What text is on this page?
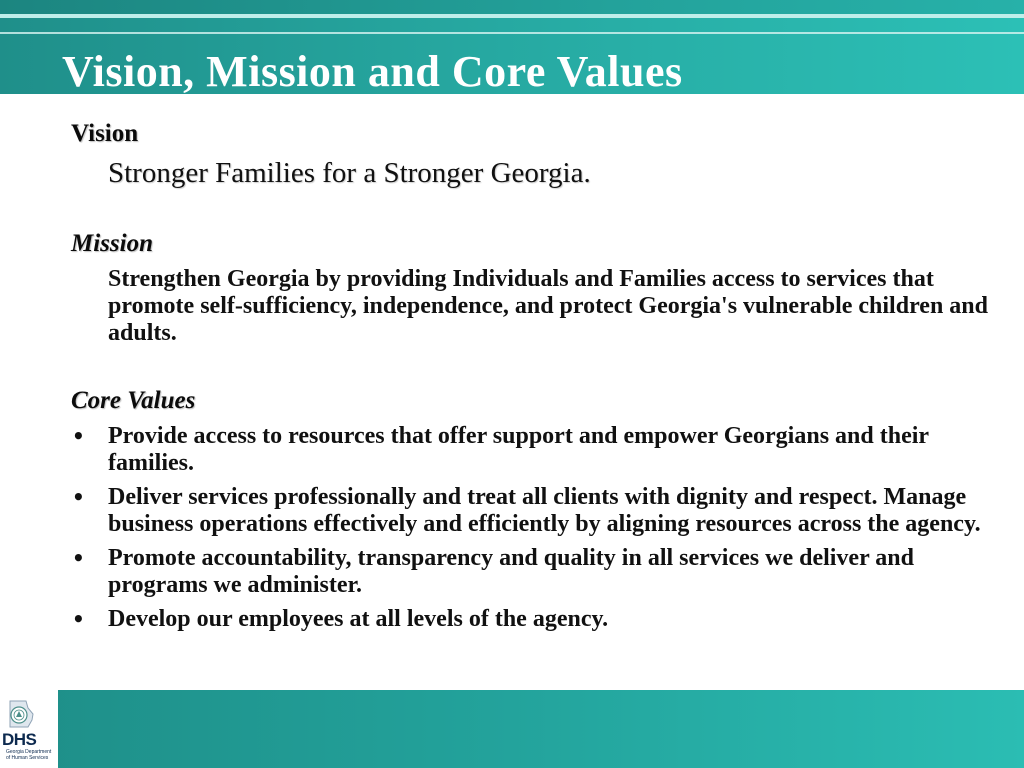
Vision, Mission and Core Values
Vision
Stronger Families for a Stronger Georgia.
Mission
Strengthen Georgia by providing Individuals and Families access to services that promote self-sufficiency, independence, and protect Georgia's vulnerable children and adults.
Core Values
• Provide access to resources that offer support and empower Georgians and their families.
• Deliver services professionally and treat all clients with dignity and respect. Manage business operations effectively and efficiently by aligning resources across the agency.
• Promote accountability, transparency and quality in all services we deliver and programs we administer.
• Develop our employees at all levels of the agency.
DHS
Georgia Department of Human Services
